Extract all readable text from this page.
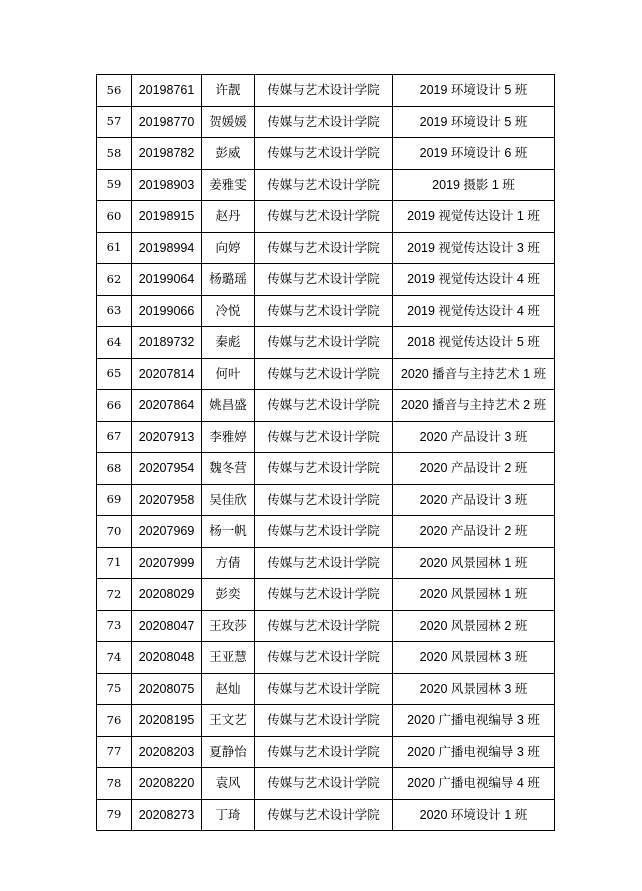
56	20198761	许靓	传媒与艺术设计学院	2019 环境设计 5 班
57	20198770	贺媛媛	传媒与艺术设计学院	2019 环境设计 5 班
58	20198782	彭威	传媒与艺术设计学院	2019 环境设计 6 班
59	20198903	姜雅雯	传媒与艺术设计学院	2019 摄影 1 班
60	20198915	赵丹	传媒与艺术设计学院	2019 视觉传达设计 1 班
61	20198994	向婷	传媒与艺术设计学院	2019 视觉传达设计 3 班
62	20199064	杨璐瑶	传媒与艺术设计学院	2019 视觉传达设计 4 班
63	20199066	冷悦	传媒与艺术设计学院	2019 视觉传达设计 4 班
64	20189732	秦彪	传媒与艺术设计学院	2018 视觉传达设计 5 班
65	20207814	何叶	传媒与艺术设计学院	2020 播音与主持艺术 1 班
66	20207864	姚昌盛	传媒与艺术设计学院	2020 播音与主持艺术 2 班
67	20207913	李雅婷	传媒与艺术设计学院	2020 产品设计 3 班
68	20207954	魏冬营	传媒与艺术设计学院	2020 产品设计 2 班
69	20207958	吴佳欣	传媒与艺术设计学院	2020 产品设计 3 班
70	20207969	杨一帆	传媒与艺术设计学院	2020 产品设计 2 班
71	20207999	方倩	传媒与艺术设计学院	2020 风景园林 1 班
72	20208029	彭奕	传媒与艺术设计学院	2020 风景园林 1 班
73	20208047	王玫莎	传媒与艺术设计学院	2020 风景园林 2 班
74	20208048	王亚慧	传媒与艺术设计学院	2020 风景园林 3 班
75	20208075	赵灿	传媒与艺术设计学院	2020 风景园林 3 班
76	20208195	王文艺	传媒与艺术设计学院	2020 广播电视编导 3 班
77	20208203	夏静怡	传媒与艺术设计学院	2020 广播电视编导 3 班
78	20208220	袁风	传媒与艺术设计学院	2020 广播电视编导 4 班
79	20208273	丁琦	传媒与艺术设计学院	2020 环境设计 1 班
